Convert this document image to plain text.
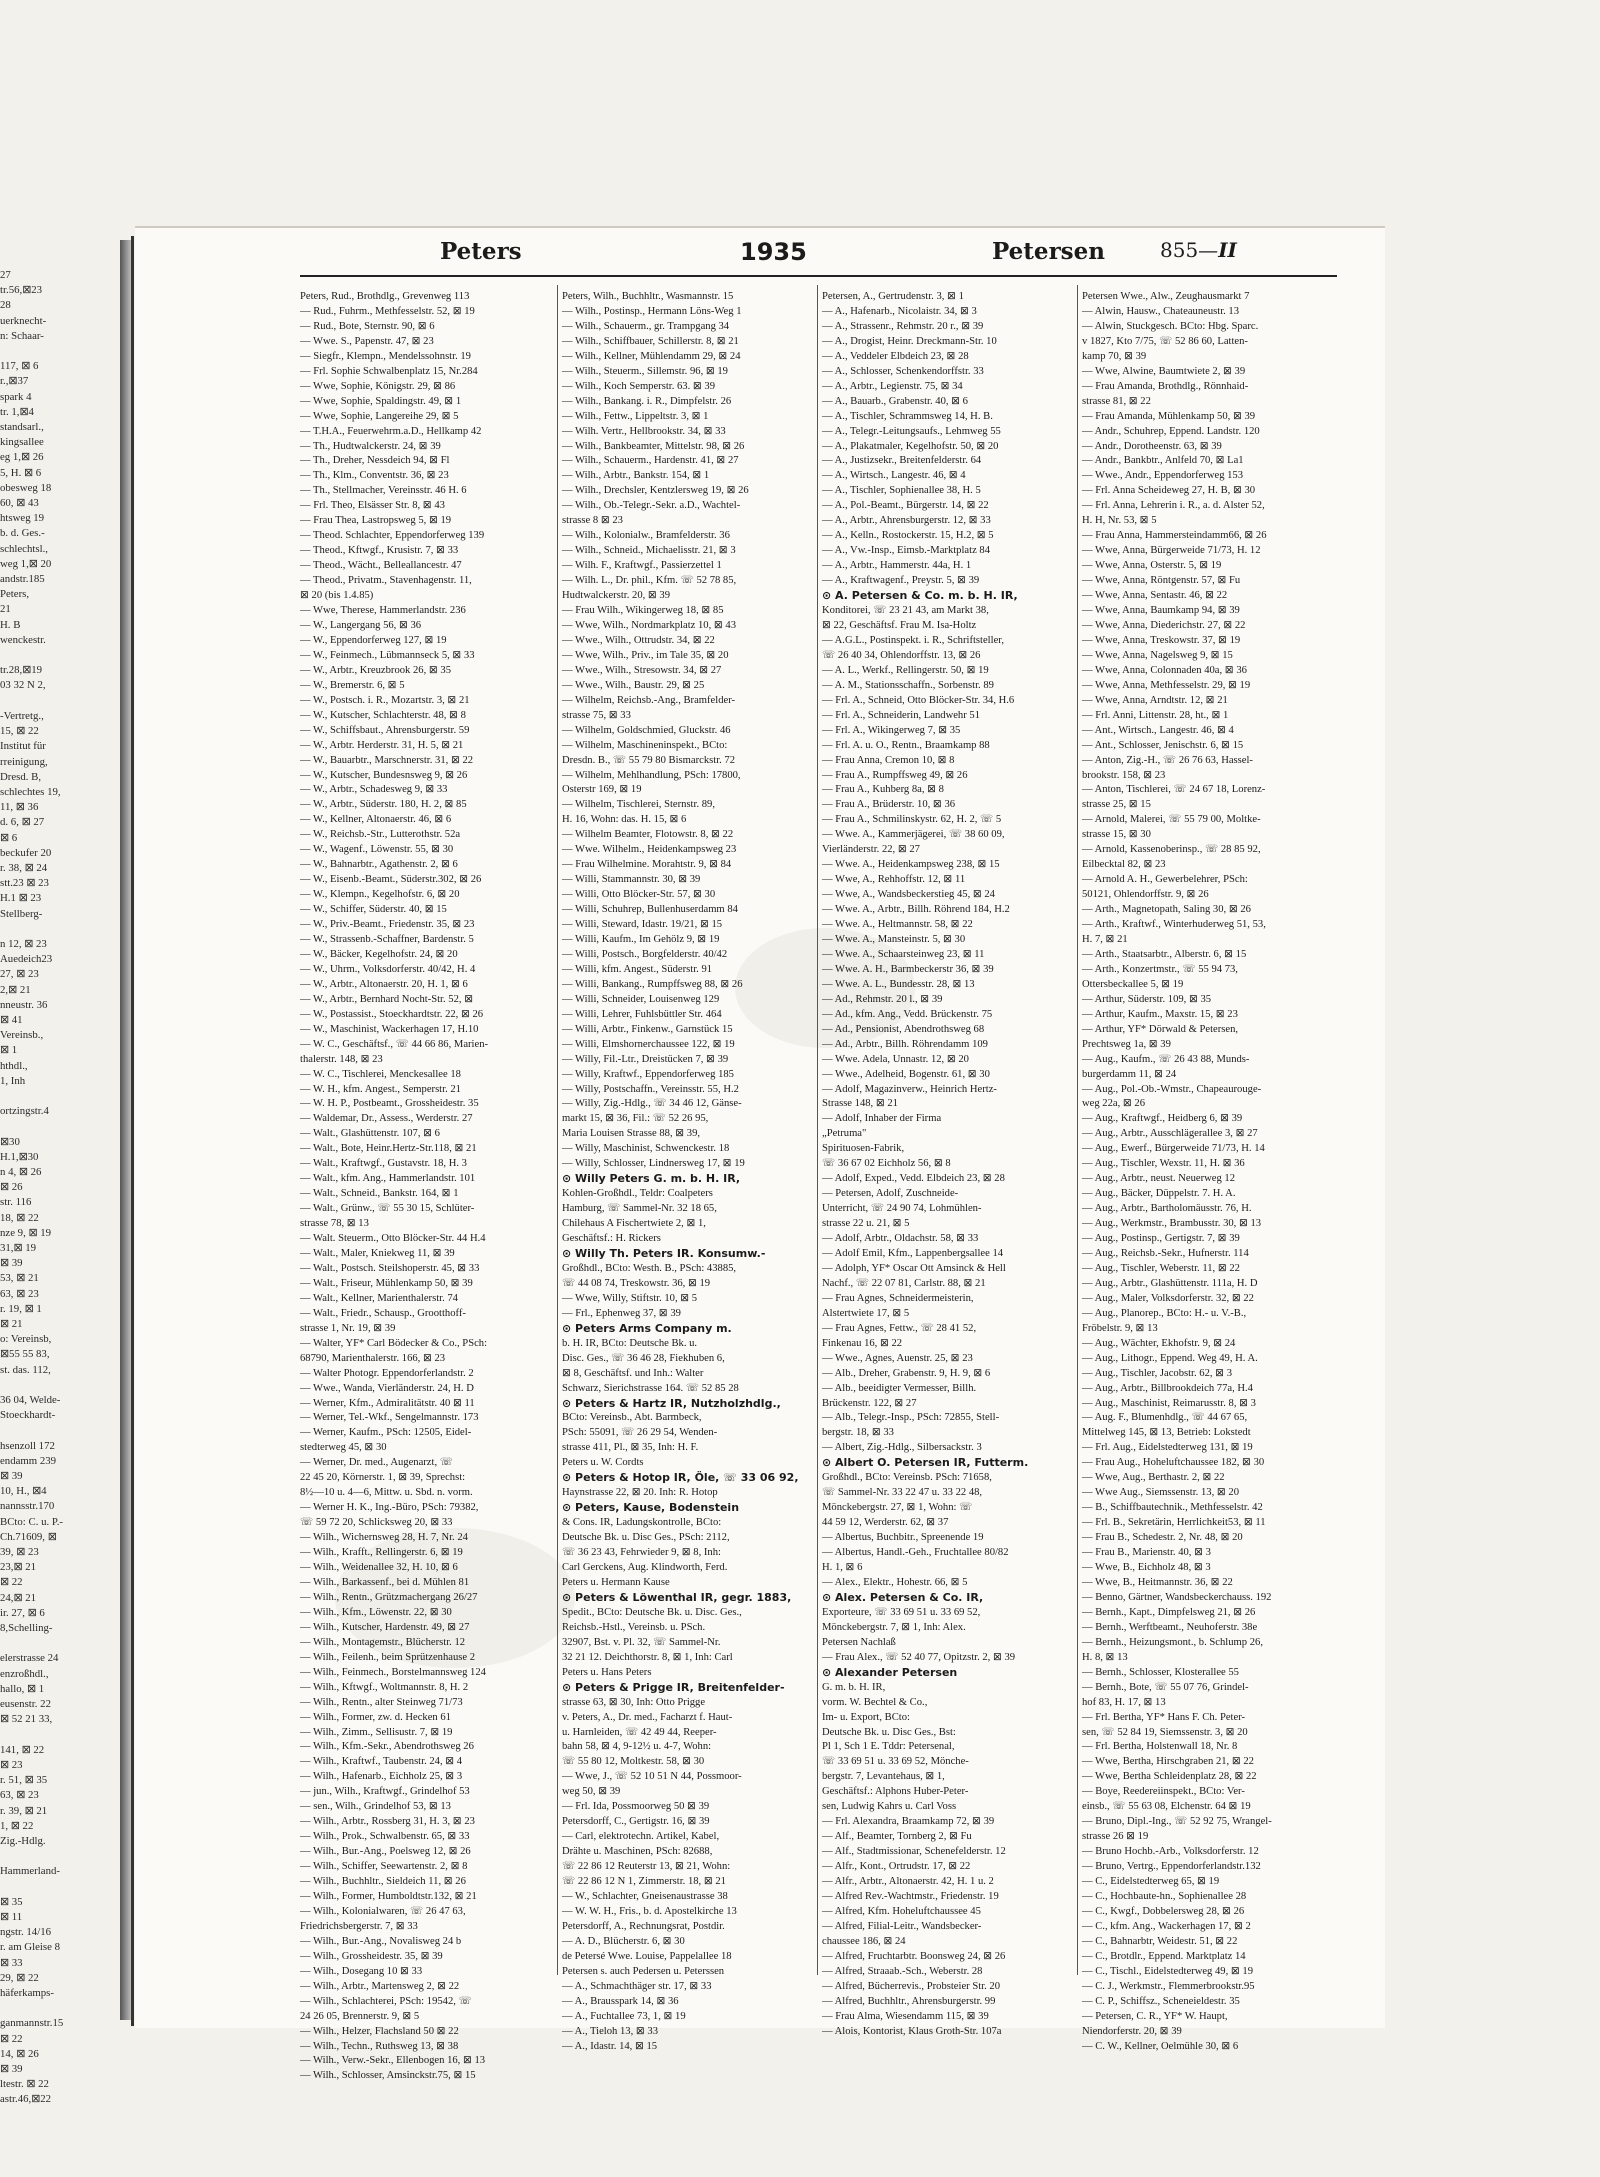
27
tr.56,⊠23
28
uerknecht-
n: Schaar-

117, ⊠ 6
r.,⊠37
spark 4
tr. 1,⊠4
standsarl.,
kingsallee
eg 1,⊠ 26
5, H. ⊠ 6
obesweg 18
60, ⊠ 43
htsweg 19
b. d. Ges.-
schlechtsl.,
weg 1,⊠ 20
andstr.185
Peters,
21
H. B
wenckestr.

tr.28,⊠19
03 32 N 2,

-Vertretg.,
15, ⊠ 22
Institut für
rreinigung,
Dresd. B,
schlechtes 19,
11, ⊠ 36
d. 6, ⊠ 27
⊠ 6
beckufer 20
r. 38, ⊠ 24
stt.23 ⊠ 23
H.1 ⊠ 23
Stellberg-

n 12, ⊠ 23
Auedeich23
27, ⊠ 23
2,⊠ 21
nneustr. 36
⊠ 41
Vereinsb.,
⊠ 1
hthdl.,
1, Inh

ortzingstr.4

⊠30
H.1,⊠30
n 4, ⊠ 26
⊠ 26
str. 116
18, ⊠ 22
nze 9, ⊠ 19
31,⊠ 19
⊠ 39
53, ⊠ 21
63, ⊠ 23
r. 19, ⊠ 1
⊠ 21
o: Vereinsb,
⊠55 55 83,
st. das. 112,

36 04, Welde-
Stoeckhardt-

hsenzoll 172
endamm 239
⊠ 39
10, H., ⊠4
nannsstr.170
BCto: C. u. P.-
Ch.71609, ⊠
39, ⊠ 23
23,⊠ 21
⊠ 22
24,⊠ 21
ir. 27, ⊠ 6
8,Schelling-

elerstrasse 24
enzroßhdl.,
hallo, ⊠ 1
eusenstr. 22
⊠ 52 21 33,

141, ⊠ 22
⊠ 23
r. 51, ⊠ 35
63, ⊠ 23
r. 39, ⊠ 21
1, ⊠ 22
Zig.-Hdlg.

Hammerland-

⊠ 35
⊠ 11
ngstr. 14/16
r. am Gleise 8
⊠ 33
29, ⊠ 22
häferkamps-

ganmannstr.15
⊠ 22
14, ⊠ 26
⊠ 39
ltestr. ⊠ 22
astr.46,⊠22
Peters	1935	Petersen	855—II
Peters, Rud., Brothdlg., Grevenweg 113
— Rud., Fuhrm., Methfesselstr. 52, ⊠ 19
— Rud., Bote, Sternstr. 90, ⊠ 6
— Wwe. S., Papenstr. 47, ⊠ 23
— Siegfr., Klempn., Mendelssohnstr. 19
— Frl. Sophie Schwalbenplatz 15, Nr.284
— Wwe, Sophie, Königstr. 29, ⊠ 86
— Wwe, Sophie, Spaldingstr. 49, ⊠ 1
— Wwe, Sophie, Langereihe 29, ⊠ 5
— T.H.A., Feuerwehrm.a.D., Hellkamp 42
— Th., Hudtwalckerstr. 24, ⊠ 39
— Th., Dreher, Nessdeich 94, ⊠ Fl
— Th., Klm., Conventstr. 36, ⊠ 23
— Th., Stellmacher, Vereinsstr. 46 H. 6
— Frl. Theo, Elsässer Str. 8, ⊠ 43
— Frau Thea, Lastropsweg 5, ⊠ 19
— Theod. Schlachter, Eppendorferweg 139
— Theod., Kftwgf., Krusistr. 7, ⊠ 33
— Theod., Wächt., Belleallancestr. 47
— Theod., Privatm., Stavenhagenstr. 11,
⊠ 20 (bis 1.4.85)
— Wwe, Therese, Hammerlandstr. 236
— W., Langergang 56, ⊠ 36
— W., Eppendorferweg 127, ⊠ 19
— W., Feinmech., Lübmannseck 5, ⊠ 33
— W., Arbtr., Kreuzbrook 26, ⊠ 35
— W., Bremerstr. 6, ⊠ 5
— W., Postsch. i. R., Mozartstr. 3, ⊠ 21
— W., Kutscher, Schlachterstr. 48, ⊠ 8
— W., Schiffsbaut., Ahrensburgerstr. 59
— W., Arbtr. Herderstr. 31, H. 5, ⊠ 21
— W., Bauarbtr., Marschnerstr. 31, ⊠ 22
— W., Kutscher, Bundesnsweg 9, ⊠ 26
— W., Arbtr., Schadesweg 9, ⊠ 33
— W., Arbtr., Süderstr. 180, H. 2, ⊠ 85
— W., Kellner, Altonaerstr. 46, ⊠ 6
— W., Reichsb.-Str., Lutterothstr. 52a
— W., Wagenf., Löwenstr. 55, ⊠ 30
— W., Bahnarbtr., Agathenstr. 2, ⊠ 6
— W., Eisenb.-Beamt., Süderstr.302, ⊠ 26
— W., Klempn., Kegelhofstr. 6, ⊠ 20
— W., Schiffer, Süderstr. 40, ⊠ 15
— W., Priv.-Beamt., Friedenstr. 35, ⊠ 23
— W., Strassenb.-Schaffner, Bardenstr. 5
— W., Bäcker, Kegelhofstr. 24, ⊠ 20
— W., Uhrm., Volksdorferstr. 40/42, H. 4
— W., Arbtr., Altonaerstr. 20, H. 1, ⊠ 6
— W., Arbtr., Bernhard Nocht-Str. 52, ⊠
— W., Postassist., Stoeckhardtstr. 22, ⊠ 26
— W., Maschinist, Wackerhagen 17, H.10
— W. C., Geschäftsf., ☏ 44 66 86, Marien-
thalerstr. 148, ⊠ 23
— W. C., Tischlerei, Menckesallee 18
— W. H., kfm. Angest., Semperstr. 21
— W. H. P., Postbeamt., Grossheidestr. 35
— Waldemar, Dr., Assess., Werderstr. 27
— Walt., Glashüttenstr. 107, ⊠ 6
— Walt., Bote, Heinr.Hertz-Str.118, ⊠ 21
— Walt., Kraftwgf., Gustavstr. 18, H. 3
— Walt., kfm. Ang., Hammerlandstr. 101
— Walt., Schneid., Bankstr. 164, ⊠ 1
— Walt., Grünw., ☏ 55 30 15, Schlüter-
strasse 78, ⊠ 13
— Walt. Steuerm., Otto Blöcker-Str. 44 H.4
— Walt., Maler, Kniekweg 11, ⊠ 39
— Walt., Postsch. Steilshoperstr. 45, ⊠ 33
— Walt., Friseur, Mühlenkamp 50, ⊠ 39
— Walt., Kellner, Marienthalerstr. 74
— Walt., Friedr., Schausp., Grootthoff-
strasse 1, Nr. 19, ⊠ 39
— Walter, YF* Carl Bödecker & Co., PSch:
68790, Marienthalerstr. 166, ⊠ 23
— Walter Photogr. Eppendorferlandstr. 2
— Wwe., Wanda, Vierländerstr. 24, H. D
— Werner, Kfm., Admiralitätstr. 40 ⊠ 11
— Werner, Tel.-Wkf., Sengelmannstr. 173
— Werner, Kaufm., PSch: 12505, Eidel-
stedterweg 45, ⊠ 30
— Werner, Dr. med., Augenarzt, ☏
22 45 20, Körnerstr. 1, ⊠ 39, Sprechst:
8½—10 u. 4—6, Mittw. u. Sbd. n. vorm.
— Werner H. K., Ing.-Büro, PSch: 79382,
☏ 59 72 20, Schlicksweg 20, ⊠ 33
— Wilh., Wichernsweg 28, H. 7, Nr. 24
— Wilh., Krafft., Rellingerstr. 6, ⊠ 19
— Wilh., Weidenallee 32, H. 10, ⊠ 6
— Wilh., Barkassenf., bei d. Mühlen 81
— Wilh., Rentn., Grützmachergang 26/27
— Wilh., Kfm., Löwenstr. 22, ⊠ 30
— Wilh., Kutscher, Hardenstr. 49, ⊠ 27
— Wilh., Montagemstr., Blücherstr. 12
— Wilh., Feilenh., beim Sprützenhause 2
— Wilh., Feinmech., Borstelmannsweg 124
— Wilh., Kftwgf., Woltmannstr. 8, H. 2
— Wilh., Rentn., alter Steinweg 71/73
— Wilh., Former, zw. d. Hecken 61
— Wilh., Zimm., Sellisustr. 7, ⊠ 19
— Wilh., Kfm.-Sekr., Abendrothsweg 26
— Wilh., Kraftwf., Taubenstr. 24, ⊠ 4
— Wilh., Hafenarb., Eichholz 25, ⊠ 3
— jun., Wilh., Kraftwgf., Grindelhof 53
— sen., Wilh., Grindelhof 53, ⊠ 13
— Wilh., Arbtr., Rossberg 31, H. 3, ⊠ 23
— Wilh., Prok., Schwalbenstr. 65, ⊠ 33
— Wilh., Bur.-Ang., Poelsweg 12, ⊠ 26
— Wilh., Schiffer, Seewartenstr. 2, ⊠ 8
— Wilh., Buchhltr., Sieldeich 11, ⊠ 26
— Wilh., Former, Humboldtstr.132, ⊠ 21
— Wilh., Kolonialwaren, ☏ 26 47 63,
Friedrichsbergerstr. 7, ⊠ 33
— Wilh., Bur.-Ang., Novalisweg 24 b
— Wilh., Grossheidestr. 35, ⊠ 39
— Wilh., Dosegang 10 ⊠ 33
— Wilh., Arbtr., Martensweg 2, ⊠ 22
— Wilh., Schlachterei, PSch: 19542, ☏
24 26 05, Brennerstr. 9, ⊠ 5
— Wilh., Helzer, Flachsland 50 ⊠ 22
— Wilh., Techn., Ruthsweg 13, ⊠ 38
— Wilh., Verw.-Sekr., Ellenbogen 16, ⊠ 13
— Wilh., Schlosser, Amsinckstr.75, ⊠ 15
Peters, Wilh., Buchhltr., Wasmannstr. 15
— Wilh., Postinsp., Hermann Löns-Weg 1
— Wilh., Schauerm., gr. Trampgang 34
— Wilh., Schiffbauer, Schillerstr. 8, ⊠ 21
— Wilh., Kellner, Mühlendamm 29, ⊠ 24
— Wilh., Steuerm., Sillemstr. 96, ⊠ 19
— Wilh., Koch Semperstr. 63. ⊠ 39
— Wilh., Bankang. i. R., Dimpfelstr. 26
— Wilh., Fettw., Lippeltstr. 3, ⊠ 1
— Wilh. Vertr., Hellbrookstr. 34, ⊠ 33
— Wilh., Bankbeamter, Mittelstr. 98, ⊠ 26
— Wilh., Schauerm., Hardenstr. 41, ⊠ 27
— Wilh., Arbtr., Bankstr. 154, ⊠ 1
— Wilh., Drechsler, Kentzlersweg 19, ⊠ 26
— Wilh., Ob.-Telegr.-Sekr. a.D., Wachtel-
strasse 8 ⊠ 23
— Wilh., Kolonialw., Bramfelderstr. 36
— Wilh., Schneid., Michaelisstr. 21, ⊠ 3
— Wilh. F., Kraftwgf., Passierzettel 1
— Wilh. L., Dr. phil., Kfm. ☏ 52 78 85,
Hudtwalckerstr. 20, ⊠ 39
— Frau Wilh., Wikingerweg 18, ⊠ 85
— Wwe, Wilh., Nordmarkplatz 10, ⊠ 43
— Wwe., Wilh., Ottrudstr. 34, ⊠ 22
— Wwe, Wilh., Priv., im Tale 35, ⊠ 20
— Wwe., Wilh., Stresowstr. 34, ⊠ 27
— Wwe., Wilh., Baustr. 29, ⊠ 25
— Wilhelm, Reichsb.-Ang., Bramfelder-
strasse 75, ⊠ 33
— Wilhelm, Goldschmied, Gluckstr. 46
— Wilhelm, Maschineninspekt., BCto:
Dresdn. B., ☏ 55 79 80 Bismarckstr. 72
— Wilhelm, Mehlhandlung, PSch: 17800,
Osterstr 169, ⊠ 19
— Wilhelm, Tischlerei, Sternstr. 89,
H. 16, Wohn: das. H. 15, ⊠ 6
— Wilhelm Beamter, Flotowstr. 8, ⊠ 22
— Wwe. Wilhelm., Heidenkampsweg 23
— Frau Wilhelmine. Morahtstr. 9, ⊠ 84
— Willi, Stammannstr. 30, ⊠ 39
— Willi, Otto Blöcker-Str. 57, ⊠ 30
— Willi, Schuhrep, Bullenhuserdamm 84
— Willi, Steward, Idastr. 19/21, ⊠ 15
— Willi, Kaufm., Im Gehölz 9, ⊠ 19
— Willi, Postsch., Borgfelderstr. 40/42
— Willi, kfm. Angest., Süderstr. 91
— Willi, Bankang., Rumpffsweg 88, ⊠ 26
— Willi, Schneider, Louisenweg 129
— Willi, Lehrer, Fuhlsbüttler Str. 464
— Willi, Arbtr., Finkenw., Garnstück 15
— Willi, Elmshornerchaussee 122, ⊠ 19
— Willy, Fil.-Ltr., Dreistücken 7, ⊠ 39
— Willy, Kraftwf., Eppendorferweg 185
— Willy, Postschaffn., Vereinsstr. 55, H.2
— Willy, Zig.-Hdlg., ☏ 34 46 12, Gänse-
markt 15, ⊠ 36, Fil.: ☏ 52 26 95,
Maria Louisen Strasse 88, ⊠ 39,
— Willy, Maschinist, Schwenckestr. 18
— Willy, Schlosser, Lindnersweg 17, ⊠ 19
⊙ Willy Peters G. m. b. H. IR,
Kohlen-Großhdl., Teldr: Coalpeters
Hamburg, ☏ Sammel-Nr. 32 18 65,
Chilehaus A Fischertwiete 2, ⊠ 1,
Geschäftsf.: H. Rickers
⊙ Willy Th. Peters IR. Konsumw.-
Großhdl., BCto: Westh. B., PSch: 43885,
☏ 44 08 74, Treskowstr. 36, ⊠ 19
— Wwe, Willy, Stiftstr. 10, ⊠ 5
— Frl., Ephenweg 37, ⊠ 39
⊙ Peters Arms Company m.
b. H. IR, BCto: Deutsche Bk. u.
Disc. Ges., ☏ 36 46 28, Fiekhuben 6,
⊠ 8, Geschäftsf. und Inh.: Walter
Schwarz, Sierichstrasse 164. ☏ 52 85 28
⊙ Peters & Hartz IR, Nutzholzhdlg.,
BCto: Vereinsb., Abt. Barmbeck,
PSch: 55091, ☏ 26 29 54, Wenden-
strasse 411, Pl., ⊠ 35, Inh: H. F.
Peters u. W. Cordts
⊙ Peters & Hotop IR, Öle, ☏ 33 06 92,
Haynstrasse 22, ⊠ 20. Inh: R. Hotop
⊙ Peters, Kause, Bodenstein
& Cons. IR, Ladungskontrolle, BCto:
Deutsche Bk. u. Disc Ges., PSch: 2112,
☏ 36 23 43, Fehrwieder 9, ⊠ 8, Inh:
Carl Gerckens, Aug. Klindworth, Ferd.
Peters u. Hermann Kause
⊙ Peters & Löwenthal IR, gegr. 1883,
Spedit., BCto: Deutsche Bk. u. Disc. Ges.,
Reichsb.-Hstl., Vereinsb. u. PSch.
32907, Bst. v. Pl. 32, ☏ Sammel-Nr.
32 21 12. Deichthorstr. 8, ⊠ 1, Inh: Carl
Peters u. Hans Peters
⊙ Peters & Prigge IR, Breitenfelder-
strasse 63, ⊠ 30, Inh: Otto Prigge
v. Peters, A., Dr. med., Facharzt f. Haut-
u. Harnleiden, ☏ 42 49 44, Reeper-
bahn 58, ⊠ 4, 9-12½ u. 4-7, Wohn:
☏ 55 80 12, Moltkestr. 58, ⊠ 30
— Wwe, J., ☏ 52 10 51 N 44, Possmoor-
weg 50, ⊠ 39
— Frl. Ida, Possmoorweg 50 ⊠ 39
Petersdorff, C., Gertigstr. 16, ⊠ 39
— Carl, elektrotechn. Artikel, Kabel,
Drähte u. Maschinen, PSch: 82688,
☏ 22 86 12 Reuterstr 13, ⊠ 21, Wohn:
☏ 22 86 12 N 1, Zimmerstr. 18, ⊠ 21
— W., Schlachter, Gneisenaustrasse 38
— W. W. H., Fris., b. d. Apostelkirche 13
Petersdorff, A., Rechnungsrat, Postdir.
— A. D., Blücherstr. 6, ⊠ 30
de Petersé Wwe. Louise, Pappelallee 18
Petersen s. auch Pedersen u. Peterssen
— A., Schmachthäger str. 17, ⊠ 33
— A., Brausspark 14, ⊠ 36
— A., Fuchtallee 73, 1, ⊠ 19
— A., Tieloh 13, ⊠ 33
— A., Idastr. 14, ⊠ 15
Petersen, A., Gertrudenstr. 3, ⊠ 1
— A., Hafenarb., Nicolaistr. 34, ⊠ 3
— A., Strassenr., Rehmstr. 20 r., ⊠ 39
— A., Drogist, Heinr. Dreckmann-Str. 10
— A., Veddeler Elbdeich 23, ⊠ 28
— A., Schlosser, Schenkendorffstr. 33
— A., Arbtr., Legienstr. 75, ⊠ 34
— A., Bauarb., Grabenstr. 40, ⊠ 6
— A., Tischler, Schrammsweg 14, H. B.
— A., Telegr.-Leitungsaufs., Lehmweg 55
— A., Plakatmaler, Kegelhofstr. 50, ⊠ 20
— A., Justizsekr., Breitenfelderstr. 64
— A., Wirtsch., Langestr. 46, ⊠ 4
— A., Tischler, Sophienallee 38, H. 5
— A., Pol.-Beamt., Bürgerstr. 14, ⊠ 22
— A., Arbtr., Ahrensburgerstr. 12, ⊠ 33
— A., Kelln., Rostockerstr. 15, H.2, ⊠ 5
— A., Vw.-Insp., Eimsb.-Marktplatz 84
— A., Arbtr., Hammerstr. 44a, H. 1
— A., Kraftwagenf., Preystr. 5, ⊠ 39
⊙ A. Petersen & Co. m. b. H. IR,
Konditorei, ☏ 23 21 43, am Markt 38,
⊠ 22, Geschäftsf. Frau M. Isa-Holtz
— A.G.L., Postinspekt. i. R., Schriftsteller,
☏ 26 40 34, Ohlendorffstr. 13, ⊠ 26
— A. L., Werkf., Rellingerstr. 50, ⊠ 19
— A. M., Stationsschaffn., Sorbenstr. 89
— Frl. A., Schneid, Otto Blöcker-Str. 34, H.6
— Frl. A., Schneiderin, Landwehr 51
— Frl. A., Wikingerweg 7, ⊠ 35
— Frl. A. u. O., Rentn., Braamkamp 88
— Frau Anna, Cremon 10, ⊠ 8
— Frau A., Rumpffsweg 49, ⊠ 26
— Frau A., Kuhberg 8a, ⊠ 8
— Frau A., Brüderstr. 10, ⊠ 36
— Frau A., Schmilinskystr. 62, H. 2, ☏ 5
— Wwe. A., Kammerjägerei, ☏ 38 60 09,
Vierländerstr. 22, ⊠ 27
— Wwe. A., Heidenkampsweg 238, ⊠ 15
— Wwe, A., Rehhoffstr. 12, ⊠ 11
— Wwe, A., Wandsbeckerstieg 45, ⊠ 24
— Wwe. A., Arbtr., Billh. Röhrend 184, H.2
— Wwe. A., Heltmannstr. 58, ⊠ 22
— Wwe. A., Mansteinstr. 5, ⊠ 30
— Wwe. A., Schaarsteinweg 23, ⊠ 11
— Wwe. A. H., Barmbeckerstr 36, ⊠ 39
— Wwe. A. L., Bundesstr. 28, ⊠ 13
— Ad., Rehmstr. 20 l., ⊠ 39
— Ad., kfm. Ang., Vedd. Brückenstr. 75
— Ad., Pensionist, Abendrothsweg 68
— Ad., Arbtr., Billh. Röhrendamm 109
— Wwe. Adela, Unnastr. 12, ⊠ 20
— Wwe., Adelheid, Bogenstr. 61, ⊠ 30
— Adolf, Magazinverw., Heinrich Hertz-
Strasse 148, ⊠ 21
— Adolf, Inhaber der Firma
„Petruma"
Spirituosen-Fabrik,
☏ 36 67 02 Eichholz 56, ⊠ 8
— Adolf, Exped., Vedd. Elbdeich 23, ⊠ 28
— Petersen, Adolf, Zuschneide-
Unterricht, ☏ 24 90 74, Lohmühlen-
strasse 22 u. 21, ⊠ 5
— Adolf, Arbtr., Oldachstr. 58, ⊠ 33
— Adolf Emil, Kfm., Lappenbergsallee 14
— Adolph, YF* Oscar Ott Amsinck & Hell
Nachf., ☏ 22 07 81, Carlstr. 88, ⊠ 21
— Frau Agnes, Schneidermeisterin,
Alstertwiete 17, ⊠ 5
— Frau Agnes, Fettw., ☏ 28 41 52,
Finkenau 16, ⊠ 22
— Wwe., Agnes, Auenstr. 25, ⊠ 23
— Alb., Dreher, Grabenstr. 9, H. 9, ⊠ 6
— Alb., beeidigter Vermesser, Billh.
Brückenstr. 122, ⊠ 27
— Alb., Telegr.-Insp., PSch: 72855, Stell-
bergstr. 18, ⊠ 33
— Albert, Zig.-Hdlg., Silbersackstr. 3
⊙ Albert O. Petersen IR, Futterm.
Großhdl., BCto: Vereinsb. PSch: 71658,
☏ Sammel-Nr. 33 22 47 u. 33 22 48,
Mönckebergstr. 27, ⊠ 1, Wohn: ☏
44 59 12, Werderstr. 62, ⊠ 37
— Albertus, Buchbitr., Spreenende 19
— Albertus, Handl.-Geh., Fruchtallee 80/82
H. 1, ⊠ 6
— Alex., Elektr., Hohestr. 66, ⊠ 5
⊙ Alex. Petersen & Co. IR,
Exporteure, ☏ 33 69 51 u. 33 69 52,
Mönckebergstr. 7, ⊠ 1, Inh: Alex.
Petersen Nachlaß
— Frau Alex., ☏ 52 40 77, Opitzstr. 2, ⊠ 39
⊙ Alexander Petersen
G. m. b. H. IR,
vorm. W. Bechtel & Co.,
Im- u. Export, BCto:
Deutsche Bk. u. Disc Ges., Bst:
Pl 1, Sch 1 E. Tddr: Petersenal,
☏ 33 69 51 u. 33 69 52, Mönche-
bergstr. 7, Levantehaus, ⊠ 1,
Geschäftsf.: Alphons Huber-Peter-
sen, Ludwig Kahrs u. Carl Voss
— Frl. Alexandra, Braamkamp 72, ⊠ 39
— Alf., Beamter, Tornberg 2, ⊠ Fu
— Alf., Stadtmissionar, Schenefelderstr. 12
— Alfr., Kont., Ortrudstr. 17, ⊠ 22
— Alfr., Arbtr., Altonaerstr. 42, H. 1 u. 2
— Alfred Rev.-Wachtmstr., Friedenstr. 19
— Alfred, Kfm. Hoheluftchaussee 45
— Alfred, Filial-Leitr., Wandsbecker-
chaussee 186, ⊠ 24
— Alfred, Fruchtarbtr. Boonsweg 24, ⊠ 26
— Alfred, Straaab.-Sch., Weberstr. 28
— Alfred, Bücherrevis., Probsteier Str. 20
— Alfred, Buchhltr., Ahrensburgerstr. 99
— Frau Alma, Wiesendamm 115, ⊠ 39
— Alois, Kontorist, Klaus Groth-Str. 107a
Petersen Wwe., Alw., Zeughausmarkt 7
— Alwin, Hausw., Chateauneustr. 13
— Alwin, Stuckgesch. BCto: Hbg. Sparc.
v 1827, Kto 7/75, ☏ 52 86 60, Latten-
kamp 70, ⊠ 39
— Wwe, Alwine, Baumtwiete 2, ⊠ 39
— Frau Amanda, Brothdlg., Rönnhaid-
strasse 81, ⊠ 22
— Frau Amanda, Mühlenkamp 50, ⊠ 39
— Andr., Schuhrep, Eppend. Landstr. 120
— Andr., Dorotheenstr. 63, ⊠ 39
— Andr., Bankbtr., Anlfeld 70, ⊠ La1
— Wwe., Andr., Eppendorferweg 153
— Frl. Anna Scheideweg 27, H. B, ⊠ 30
— Frl. Anna, Lehrerin i. R., a. d. Alster 52,
H. H, Nr. 53, ⊠ 5
— Frau Anna, Hammersteindamm66, ⊠ 26
— Wwe, Anna, Bürgerweide 71/73, H. 12
— Wwe, Anna, Osterstr. 5, ⊠ 19
— Wwe, Anna, Röntgenstr. 57, ⊠ Fu
— Wwe, Anna, Sentastr. 46, ⊠ 22
— Wwe, Anna, Baumkamp 94, ⊠ 39
— Wwe, Anna, Diederichstr. 27, ⊠ 22
— Wwe, Anna, Treskowstr. 37, ⊠ 19
— Wwe, Anna, Nagelsweg 9, ⊠ 15
— Wwe, Anna, Colonnaden 40a, ⊠ 36
— Wwe, Anna, Methfesselstr. 29, ⊠ 19
— Wwe, Anna, Arndtstr. 12, ⊠ 21
— Frl. Anni, Littenstr. 28, ht., ⊠ 1
— Ant., Wirtsch., Langestr. 46, ⊠ 4
— Ant., Schlosser, Jenischstr. 6, ⊠ 15
— Anton, Zig.-H., ☏ 26 76 63, Hassel-
brookstr. 158, ⊠ 23
— Anton, Tischlerei, ☏ 24 67 18, Lorenz-
strasse 25, ⊠ 15
— Arnold, Malerei, ☏ 55 79 00, Moltke-
strasse 15, ⊠ 30
— Arnold, Kassenoberinsp., ☏ 28 85 92,
Eilbecktal 82, ⊠ 23
— Arnold A. H., Gewerbelehrer, PSch:
50121, Ohlendorffstr. 9, ⊠ 26
— Arth., Magnetopath, Saling 30, ⊠ 26
— Arth., Kraftwf., Winterhuderweg 51, 53,
H. 7, ⊠ 21
— Arth., Staatsarbtr., Alberstr. 6, ⊠ 15
— Arth., Konzertmstr., ☏ 55 94 73,
Ottersbeckallee 5, ⊠ 19
— Arthur, Süderstr. 109, ⊠ 35
— Arthur, Kaufm., Maxstr. 15, ⊠ 23
— Arthur, YF* Dörwald & Petersen,
Prechtsweg 1a, ⊠ 39
— Aug., Kaufm., ☏ 26 43 88, Munds-
burgerdamm 11, ⊠ 24
— Aug., Pol.-Ob.-Wmstr., Chapeaurouge-
weg 22a, ⊠ 26
— Aug., Kraftwgf., Heidberg 6, ⊠ 39
— Aug., Arbtr., Ausschlägerallee 3, ⊠ 27
— Aug., Ewerf., Bürgerweide 71/73, H. 14
— Aug., Tischler, Wexstr. 11, H. ⊠ 36
— Aug., Arbtr., neust. Neuerweg 12
— Aug., Bäcker, Düppelstr. 7. H. A.
— Aug., Arbtr., Bartholomäusstr. 76, H.
— Aug., Werkmstr., Brambusstr. 30, ⊠ 13
— Aug., Postinsp., Gertigstr. 7, ⊠ 39
— Aug., Reichsb.-Sekr., Hufnerstr. 114
— Aug., Tischler, Weberstr. 11, ⊠ 22
— Aug., Arbtr., Glashüttenstr. 111a, H. D
— Aug., Maler, Volksdorferstr. 32, ⊠ 22
— Aug., Planorep., BCto: H.- u. V.-B.,
Fröbelstr. 9, ⊠ 13
— Aug., Wächter, Ekhofstr. 9, ⊠ 24
— Aug., Lithogr., Eppend. Weg 49, H. A.
— Aug., Tischler, Jacobstr. 62, ⊠ 3
— Aug., Arbtr., Billbrookdeich 77a, H.4
— Aug., Maschinist, Reimarusstr. 8, ⊠ 3
— Aug. F., Blumenhdlg., ☏ 44 67 65,
Mittelweg 145, ⊠ 13, Betrieb: Lokstedt
— Frl. Aug., Eidelstedterweg 131, ⊠ 19
— Frau Aug., Hoheluftchaussee 182, ⊠ 30
— Wwe, Aug., Berthastr. 2, ⊠ 22
— Wwe Aug., Siemssenstr. 13, ⊠ 20
— B., Schiffbautechnik., Methfesselstr. 42
— Frl. B., Sekretärin, Herrlichkeit53, ⊠ 11
— Frau B., Schedestr. 2, Nr. 48, ⊠ 20
— Frau B., Marienstr. 40, ⊠ 3
— Wwe, B., Eichholz 48, ⊠ 3
— Wwe, B., Heitmannstr. 36, ⊠ 22
— Benno, Gärtner, Wandsbeckerchauss. 192
— Bernh., Kapt., Dimpfelsweg 21, ⊠ 26
— Bernh., Werftbeamt., Neuhoferstr. 38e
— Bernh., Heizungsmont., b. Schlump 26,
H. 8, ⊠ 13
— Bernh., Schlosser, Klosterallee 55
— Bernh., Bote, ☏ 55 07 76, Grindel-
hof 83, H. 17, ⊠ 13
— Frl. Bertha, YF* Hans F. Ch. Peter-
sen, ☏ 52 84 19, Siemssenstr. 3, ⊠ 20
— Frl. Bertha, Holstenwall 18, Nr. 8
— Wwe, Bertha, Hirschgraben 21, ⊠ 22
— Wwe, Bertha Schleidenplatz 28, ⊠ 22
— Boye, Reedereiinspekt., BCto: Ver-
einsb., ☏ 55 63 08, Elchenstr. 64 ⊠ 19
— Bruno, Dipl.-Ing., ☏ 52 92 75, Wrangel-
strasse 26 ⊠ 19
— Bruno Hochb.-Arb., Volksdorferstr. 12
— Bruno, Vertrg., Eppendorferlandstr.132
— C., Eidelstedterweg 65, ⊠ 19
— C., Hochbaute-hn., Sophienallee 28
— C., Kwgf., Dobbelersweg 28, ⊠ 26
— C., kfm. Ang., Wackerhagen 17, ⊠ 2
— C., Bahnarbtr, Weidestr. 51, ⊠ 22
— C., Brotdlr., Eppend. Marktplatz 14
— C., Tischl., Eidelstedterweg 49, ⊠ 19
— C. J., Werkmstr., Flemmerbrookstr.95
— C. P., Schiffsz., Scheneieldestr. 35
— Petersen, C. R., YF* W. Haupt,
Niendorferstr. 20, ⊠ 39
— C. W., Kellner, Oelmühle 30, ⊠ 6
